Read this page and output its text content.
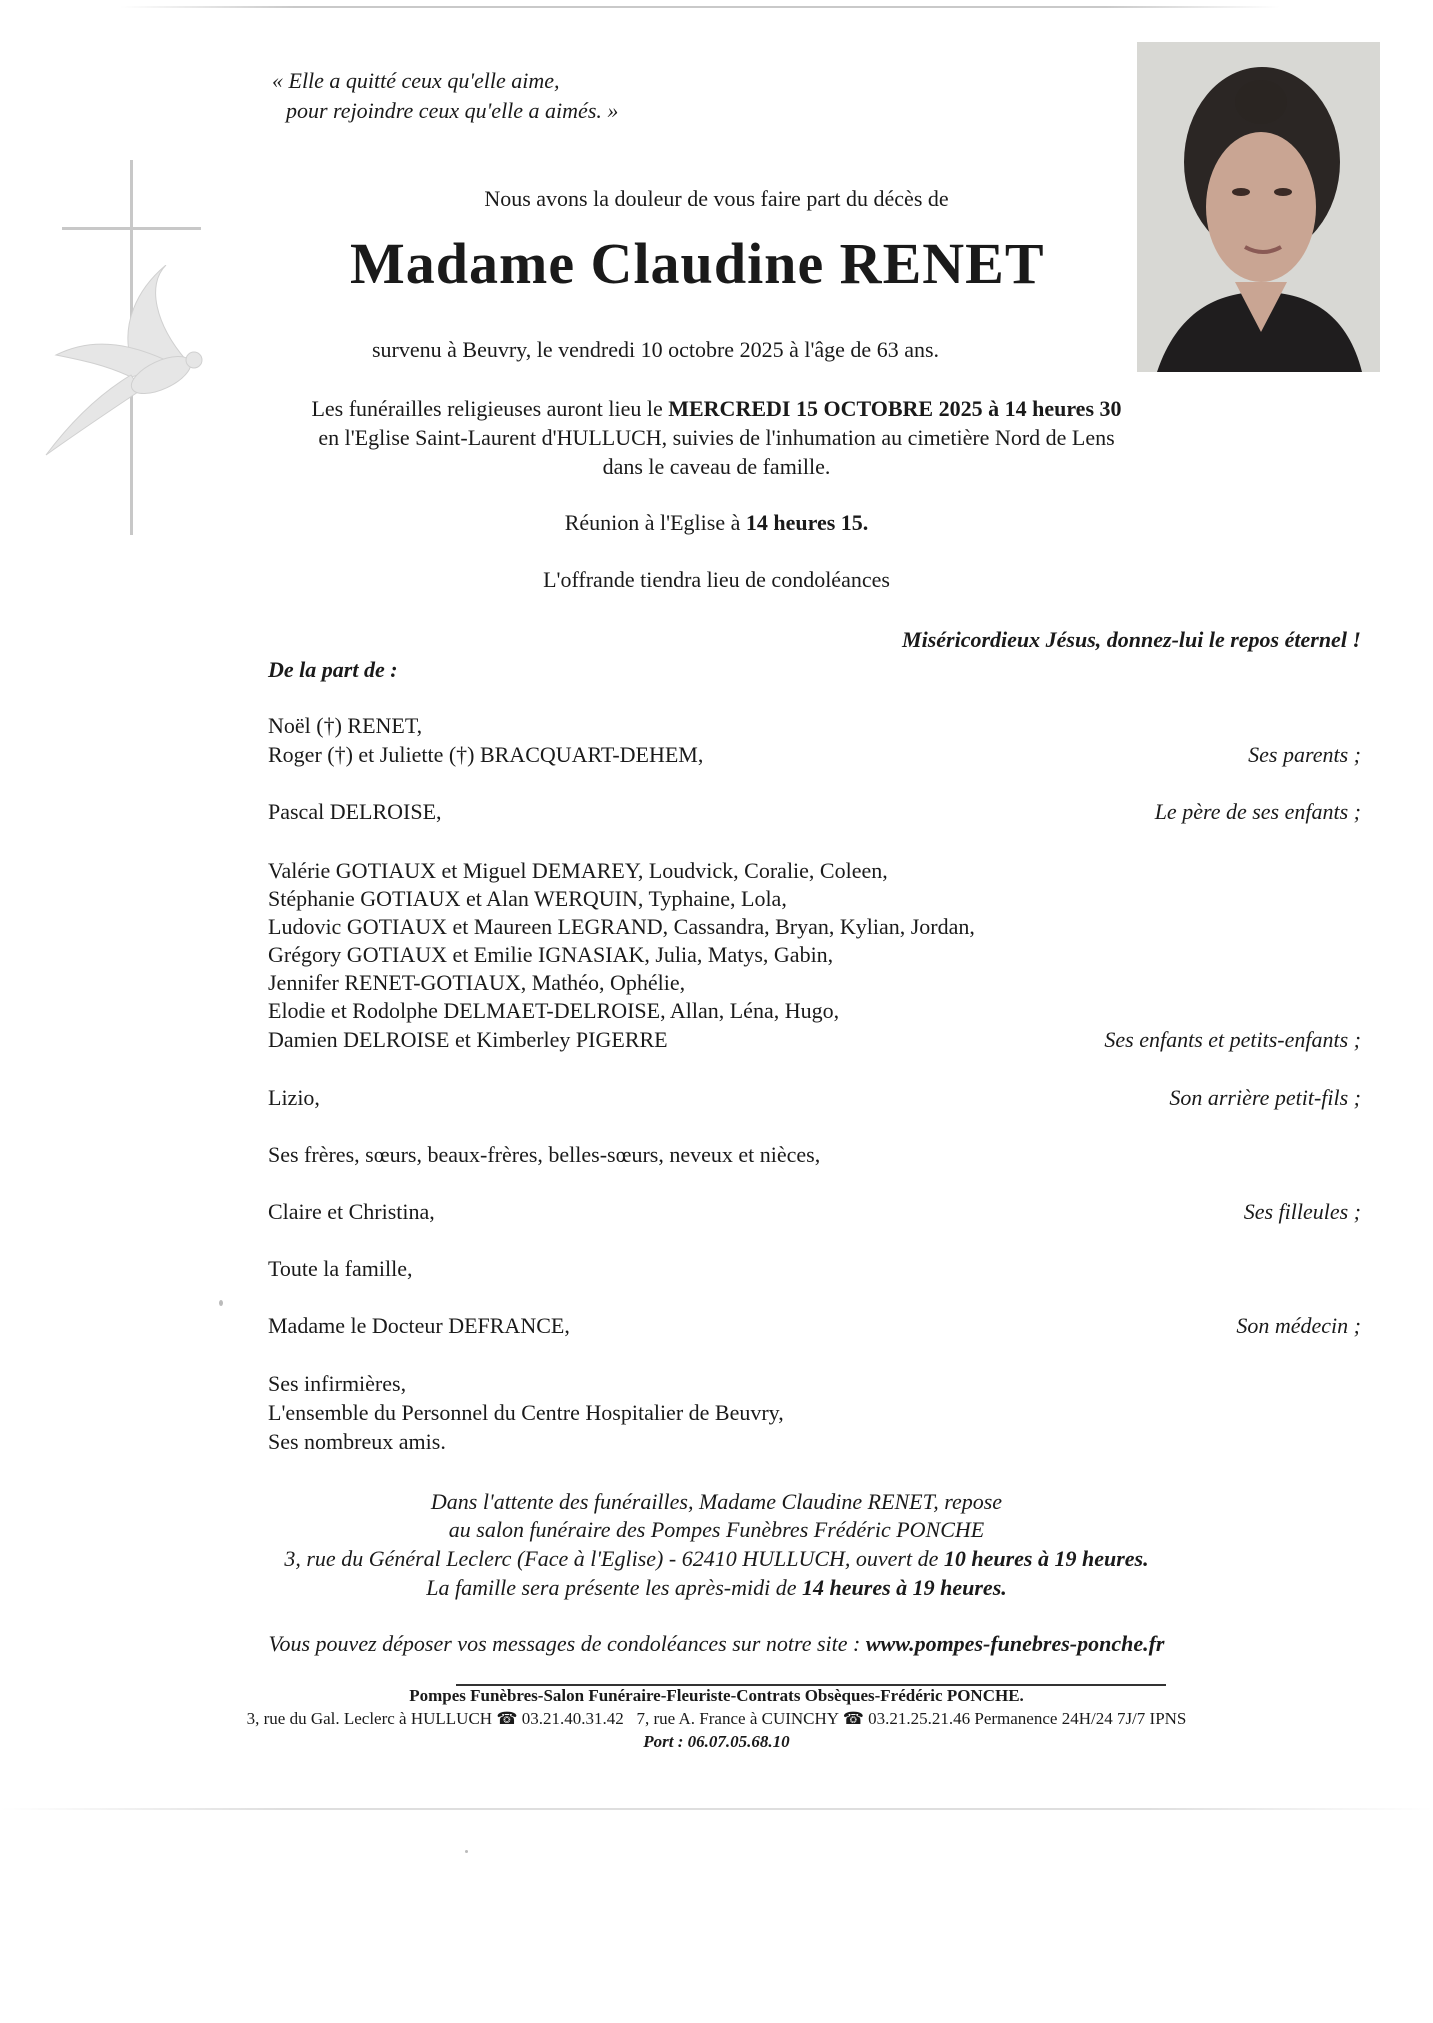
« Elle a quitté ceux qu'elle aime,
pour rejoindre ceux qu'elle a aimés. »
Nous avons la douleur de vous faire part du décès de
Madame Claudine RENET
survenu à Beuvry, le vendredi 10 octobre 2025 à l'âge de 63 ans.
Les funérailles religieuses auront lieu le MERCREDI 15 OCTOBRE 2025 à 14 heures 30
en l'Eglise Saint-Laurent d'HULLUCH, suivies de l'inhumation au cimetière Nord de Lens
dans le caveau de famille.
Réunion à l'Eglise à 14 heures 15.
L'offrande tiendra lieu de condoléances
Miséricordieux Jésus, donnez-lui le repos éternel !
De la part de :
Noël (†) RENET,
Roger (†) et Juliette (†) BRACQUART-DEHEM,	Ses parents ;
Pascal DELROISE,	Le père de ses enfants ;
Valérie GOTIAUX et Miguel DEMAREY, Loudvick, Coralie, Coleen,
Stéphanie GOTIAUX et Alan WERQUIN, Typhaine, Lola,
Ludovic GOTIAUX et Maureen LEGRAND, Cassandra, Bryan, Kylian, Jordan,
Grégory GOTIAUX et Emilie IGNASIAK, Julia, Matys, Gabin,
Jennifer RENET-GOTIAUX, Mathéo, Ophélie,
Elodie et Rodolphe DELMAET-DELROISE, Allan, Léna, Hugo,
Damien DELROISE et Kimberley PIGERRE	Ses enfants et petits-enfants ;
Lizio,	Son arrière petit-fils ;
Ses frères, sœurs, beaux-frères, belles-sœurs, neveux et nièces,
Claire et Christina,	Ses filleules ;
Toute la famille,
Madame le Docteur DEFRANCE,	Son médecin ;
Ses infirmières,
L'ensemble du Personnel du Centre Hospitalier de Beuvry,
Ses nombreux amis.
Dans l'attente des funérailles, Madame Claudine RENET, repose
au salon funéraire des Pompes Funèbres Frédéric PONCHE
3, rue du Général Leclerc (Face à l'Eglise) - 62410 HULLUCH, ouvert de 10 heures à 19 heures.
La famille sera présente les après-midi de 14 heures à 19 heures.
Vous pouvez déposer vos messages de condoléances sur notre site : www.pompes-funebres-ponche.fr
Pompes Funèbres-Salon Funéraire-Fleuriste-Contrats Obsèques-Frédéric PONCHE.
3, rue du Gal. Leclerc à HULLUCH ☎ 03.21.40.31.42 7, rue A. France à CUINCHY ☎ 03.21.25.21.46 Permanence 24H/24 7J/7 IPNS
Port : 06.07.05.68.10
